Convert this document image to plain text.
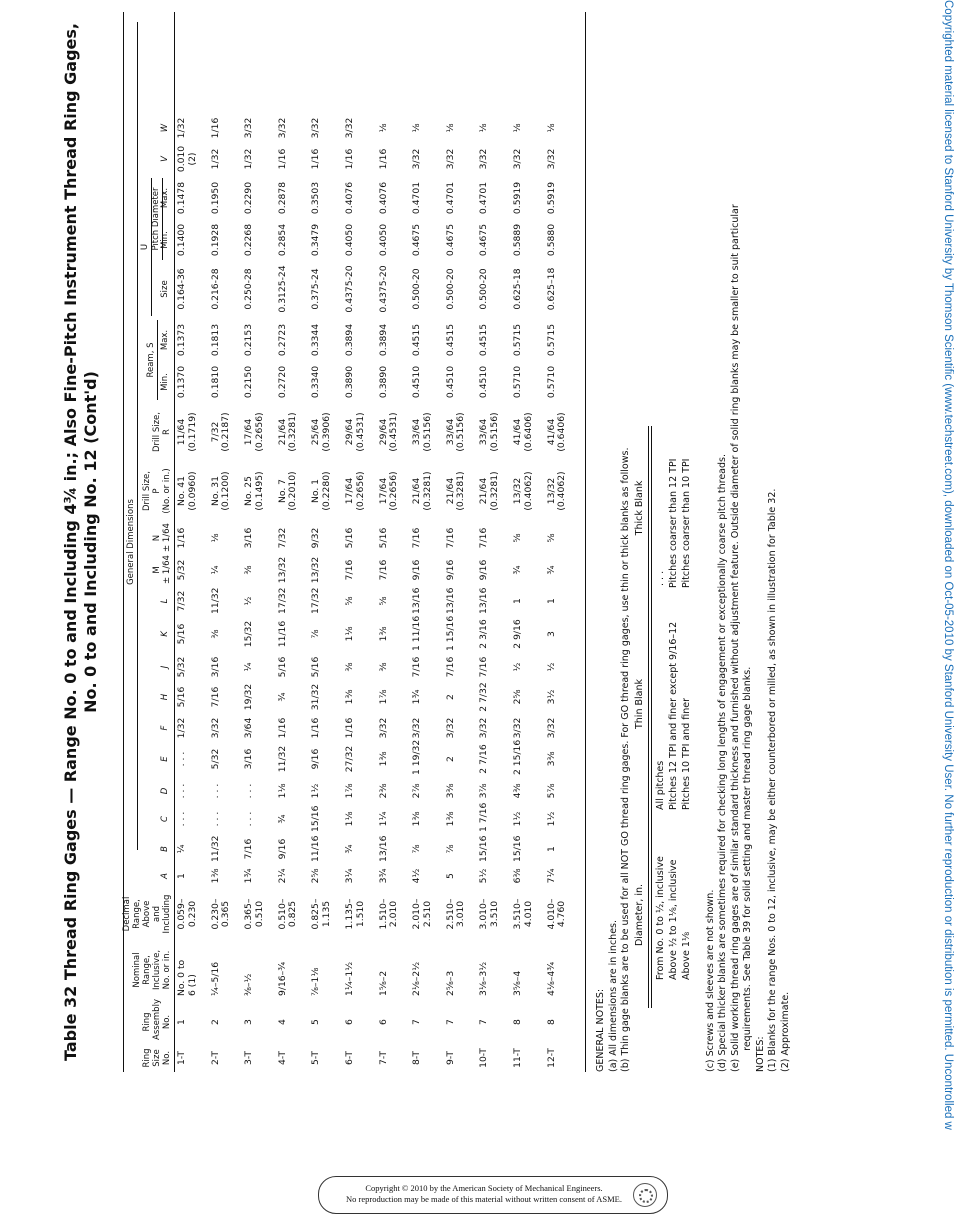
Table 32 Thread Ring Gages — Range No. 0 to and Including 4¾ in.; Also Fine-Pitch Instrument Thread Ring Gages, No. 0 to and Including No. 12 (Cont'd)	General Dimensions
Ring Size No.
Ring Assembly No.
Nominal Range, Inclusive, No. or in.
Decimal Range, Above and Including
A
B
C
D
E
F
H
J
K
L
M ± 1/64
N ± 1/64
Drill Size, P (No. or in.)
Drill Size, R
Min.
Max.
Size
Min.
Max.
V
W
Ream, S
U Pitch Diameter
1-T
1
No. 0 to 6 (1)
0.059– 0.230
1
¼
. . .
. . .
. . .
1/32
5/16
5/32
5/16
7/32
5/32
1/16
No. 41 (0.0960)
11/64 (0.1719)
0.1370
0.1373
0.164-36
0.1400
0.1478
0.010 (2)
1/32
2-T
2
¼–5/16
0.230– 0.365
1⅜
11/32
. . .
. . .
5/32
3/32
7/16
3/16
⅜
11/32
¼
⅛
No. 31 (0.1200)
7/32 (0.2187)
0.1810
0.1813
0.216-28
0.1928
0.1950
1/32
1/16
3-T
3
⅜–½
0.365– 0.510
1¾
7/16
. . .
. . .
3/16
3/64
19/32
¼
15/32
½
⅜
3/16
No. 25 (0.1495)
17/64 (0.2656)
0.2150
0.2153
0.250-28
0.2268
0.2290
1/32
3/32
4-T
4
9/16–¾
0.510– 0.825
2¼
9/16
¾
1⅛
11/32
1/16
¾
5/16
11/16
17/32
13/32
7/32
No. 7 (0.2010)
21/64 (0.3281)
0.2720
0.2723
0.3125-24
0.2854
0.2878
1/16
3/32
5-T
5
⅞–1⅛
0.825– 1.135
2⅝
11/16
15/16
1½
9/16
1/16
31/32
5/16
⅞
17/32
13/32
9/32
No. 1 (0.2280)
25/64 (0.3906)
0.3340
0.3344
0.375-24
0.3479
0.3503
1/16
3/32
6-T
6
1¼–1½
1.135– 1.510
3¼
¾
1⅛
1⅞
27/32
1/16
1⅜
⅜
1⅛
⅝
7/16
5/16
17/64 (0.2656)
29/64 (0.4531)
0.3890
0.3894
0.4375-20
0.4050
0.4076
1/16
3/32
7-T
6
1⅝–2
1.510– 2.010
3¾
13/16
1¼
2⅜
1⅜
3/32
1⅞
⅜
1⅜
⅝
7/16
5/16
17/64 (0.2656)
29/64 (0.4531)
0.3890
0.3894
0.4375-20
0.4050
0.4076
1/16
⅛
8-T
7
2⅛–2½
2.010– 2.510
4½
⅞
1⅜
2⅞
1 19/32
3/32
1¾
7/16
1 11/16
13/16
9/16
7/16
21/64 (0.3281)
33/64 (0.5156)
0.4510
0.4515
0.500-20
0.4675
0.4701
3/32
⅛
9-T
7
2⅝–3
2.510– 3.010
5
⅞
1⅜
3⅜
2
3/32
2
7/16
1 15/16
13/16
9/16
7/16
21/64 (0.3281)
33/64 (0.5156)
0.4510
0.4515
0.500-20
0.4675
0.4701
3/32
⅛
10-T
7
3⅛–3½
3.010– 3.510
5½
15/16
1 7/16
3⅞
2 7/16
3/32
2 7/32
7/16
2 3/16
13/16
9/16
7/16
21/64 (0.3281)
33/64 (0.5156)
0.4510
0.4515
0.500-20
0.4675
0.4701
3/32
⅛
11-T
8
3⅝–4
3.510– 4.010
6⅜
15/16
1½
4⅜
2 15/16
3/32
2⅝
½
2 9/16
1
¾
⅝
13/32 (0.4062)
41/64 (0.6406)
0.5710
0.5715
0.625-18
0.5889
0.5919
3/32
⅛
12-T
8
4⅛–4¾
4.010– 4.760
7¼
1
1½
5⅞
3⅜
3/32
3½
½
3
1
¾
⅝
13/32 (0.4062)
41/64 (0.6406)
0.5710
0.5715
0.625–18
0.5880
0.5919
3/32
⅛
GENERAL NOTES: (a) All dimensions are in inches. (b) Thin gage blanks are to be used for all NOT GO thread ring gages. For GO thread ring gages, use thin or thick blanks as follows. Diameter, in.
Thin Blank
Thick Blank
From No. 0 to ½, inclusive
All pitches
. . .
Above ½ to 1⅛, inclusive
Pitches 12 TPI and finer except 9/16–12
Pitches coarser than 12 TPI
Above 1⅛
Pitches 10 TPI and finer
Pitches coarser than 10 TPI
(c) Screws and sleeves are not shown. (d) Special thicker blanks are sometimes required for checking long lengths of engagement or exceptionally coarse pitch threads. (e) Solid working thread ring gages are of similar standard thickness and furnished without adjustment feature. Outside diameter of solid ring blanks may be smaller to suit particular requirements. See Table 39 for solid setting and master thread ring gage blanks. NOTES: (1) Blanks for the range Nos. 0 to 12, inclusive, may be either counterbored or milled, as shown in illustration for Table 32. (2) Approximate.	Copyrighted material licensed to Stanford University by Thomson Scientific (www.techstreet.com), downloaded on Oct-05-2010 by Stanford University User. No further reproduction or distribution is permitted. Uncontrolled w
Copyright © 2010 by the American Society of Mechanical Engineers.
No reproduction may be made of this material without written consent of ASME.
